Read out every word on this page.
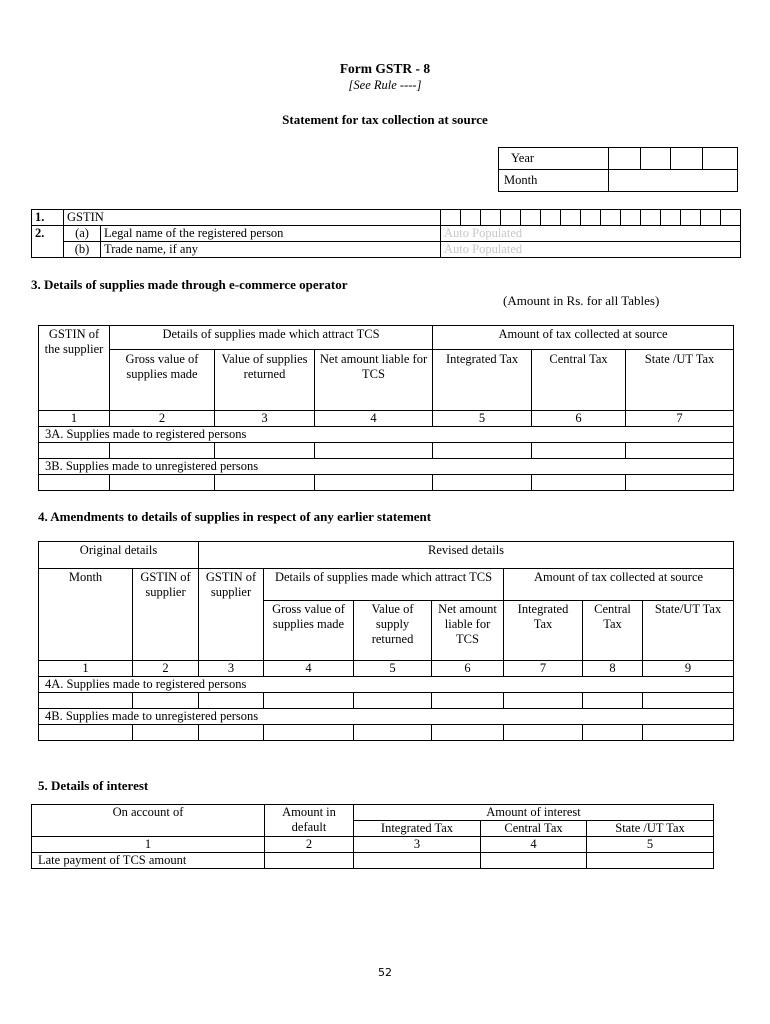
Form GSTR - 8
[See Rule ----]
Statement for tax collection at source
Year				
Month				
1.	GSTIN		

2.	(a)	Legal name of the registered person	Auto Populated
	(b)	Trade name, if any	Auto Populated
3. Details of supplies made through e-commerce operator
(Amount in Rs. for all Tables)
GSTIN of the supplier	Details of supplies made which attract TCS			Amount of tax collected at source		
	Gross value of supplies made	Value of supplies returned	Net amount liable for TCS	Integrated Tax	Central Tax	State /UT Tax
1	2	3	4	5	6	7
3A. Supplies made to registered persons						

3B. Supplies made to unregistered persons						

4. Amendments to details of supplies in respect of any earlier statement
Original details		Revised details						
Month	GSTIN of supplier	GSTIN of supplier	Details of supplies made which attract TCS			Amount of tax collected at source		
			Gross value of supplies made	Value of supply returned	Net amount liable for TCS	Integrated Tax	Central Tax	State/UT Tax
1	2	3	4	5	6	7	8	9
4A. Supplies made to registered persons								

4B. Supplies made to unregistered persons								

5. Details of interest
On account of	Amount in default	Amount of interest		
		Integrated Tax	Central Tax	State /UT Tax
1	2	3	4	5
Late payment of TCS amount				
52
